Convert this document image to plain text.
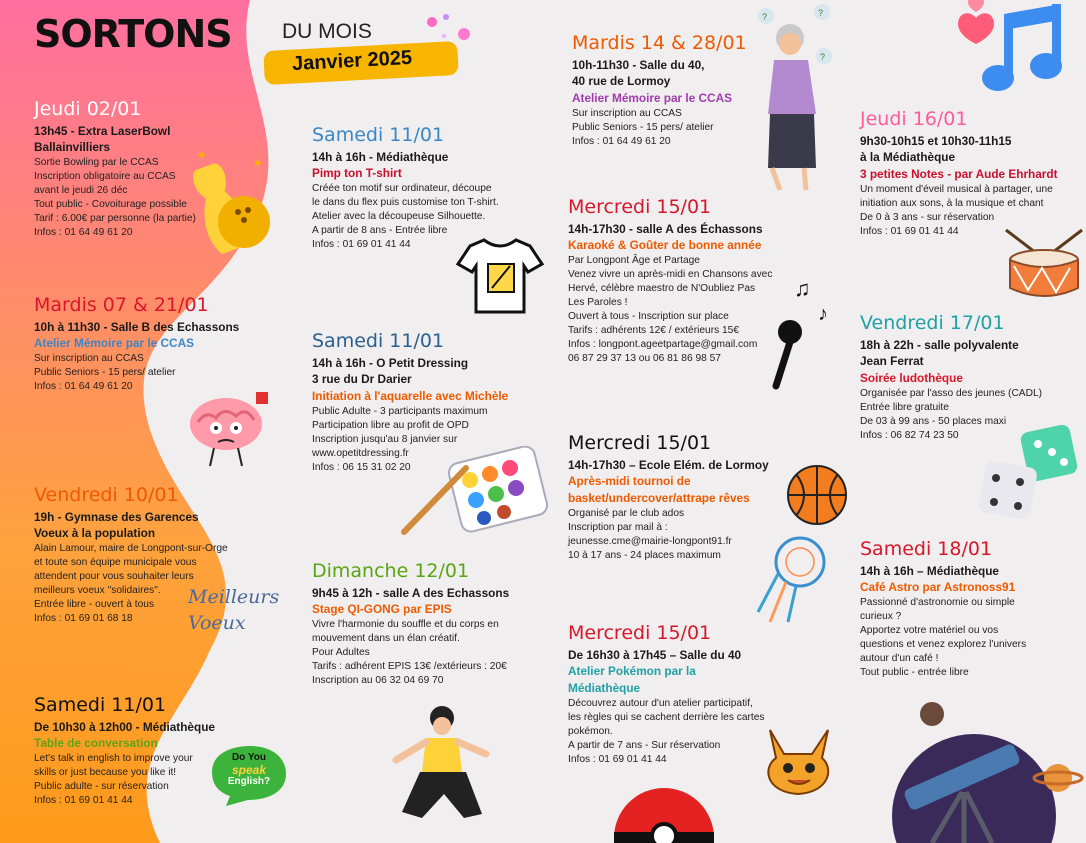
SORTONS DU MOIS
Janvier 2025
Jeudi 02/01
13h45 - Extra LaserBowl
Ballainvilliers
Sortie Bowling par le CCAS
Inscription obligatoire au CCAS
avant le jeudi 26 déc
Tout public - Covoiturage possible
Tarif : 6.00€ par personne (la partie)
Infos : 01 64 49 61 20
✦	✦
Mardis 07 & 21/01
10h à 11h30 - Salle B des Echassons
Atelier Mémoire par le CCAS
Sur inscription au CCAS
Public Seniors - 15 pers/ atelier
Infos : 01 64 49 61 20
Vendredi 10/01
19h - Gymnase des Garences
Voeux à la population
Alain Lamour, maire de Longpont-sur-Orge
et toute son équipe municipale vous
attendent pour vous souhaiter leurs
meilleurs voeux "solidaires".
Entrée libre - ouvert à tous
Infos : 01 69 01 68 18
Meilleurs Voeux
Samedi 11/01
De 10h30 à 12h00 - Médiathèque
Table de conversation
Let's talk in english to improve your
skills or just because you like it!
Public adulte - sur réservation
Infos : 01 69 01 41 44
Do You
speak
English?
Samedi 11/01
14h à 16h - Médiathèque
Pimp ton T-shirt
Créée ton motif sur ordinateur, découpe
le dans du flex puis customise ton T-shirt.
Atelier avec la découpeuse Silhouette.
A partir de 8 ans - Entrée libre
Infos : 01 69 01 41 44
Samedi 11/01
14h à 16h - O Petit Dressing
3 rue du Dr Darier
Initiation à l'aquarelle avec Michèle
Public Adulte - 3 participants maximum
Participation libre au profit de OPD
Inscription jusqu'au 8 janvier sur
www.opetitdressing.fr
Infos : 06 15 31 02 20
Dimanche 12/01
9h45 à 12h - salle A des Echassons
Stage QI-GONG par EPIS
Vivre l'harmonie du souffle et du corps en
mouvement dans un élan créatif.
Pour Adultes
Tarifs : adhérent EPIS 13€ /extérieurs : 20€
Inscription au 06 32 04 69 70
Mardis 14 & 28/01
10h-11h30 - Salle du 40,
40 rue de Lormoy
Atelier Mémoire par le CCAS
Sur inscription au CCAS
Public Seniors - 15 pers/ atelier
Infos : 01 64 49 61 20
?	?
?
Mercredi 15/01
14h-17h30 - salle A des Échassons
Karaoké & Goûter de bonne année
Par Longpont Âge et Partage
Venez vivre un après-midi en Chansons avec
Hervé, célèbre maestro de N'Oubliez Pas
Les Paroles !
Ouvert à tous - Inscription sur place
Tarifs : adhérents 12€ / extérieurs 15€
Infos : longpont.ageetpartage@gmail.com
06 87 29 37 13 ou 06 81 86 98 57
♫
♪
Mercredi 15/01
14h-17h30 – Ecole Elém. de Lormoy
Après-midi tournoi de
basket/undercover/attrape rêves
Organisé par le club ados
Inscription par mail à :
jeunesse.cme@mairie-longpont91.fr
10 à 17 ans - 24 places maximum
Mercredi 15/01
De 16h30 à 17h45 – Salle du 40
Atelier Pokémon par la
Médiathèque
Découvrez autour d'un atelier participatif,
les règles qui se cachent derrière les cartes
pokémon.
A partir de 7 ans - Sur réservation
Infos : 01 69 01 41 44
Jeudi 16/01
9h30-10h15 et 10h30-11h15
à la Médiathèque
3 petites Notes - par Aude Ehrhardt
Un moment d'éveil musical à partager, une
initiation aux sons, à la musique et chant
De 0 à 3 ans - sur réservation
Infos : 01 69 01 41 44
Vendredi 17/01
18h à 22h - salle polyvalente
Jean Ferrat
Soirée ludothèque
Organisée par l'asso des jeunes (CADL)
Entrée libre gratuite
De 03 à 99 ans - 50 places maxi
Infos : 06 82 74 23 50
Samedi 18/01
14h à 16h – Médiathèque
Café Astro par Astronoss91
Passionné d'astronomie ou simple
curieux ?
Apportez votre matériel ou vos
questions et venez explorez l'univers
autour d'un café !
Tout public - entrée libre
